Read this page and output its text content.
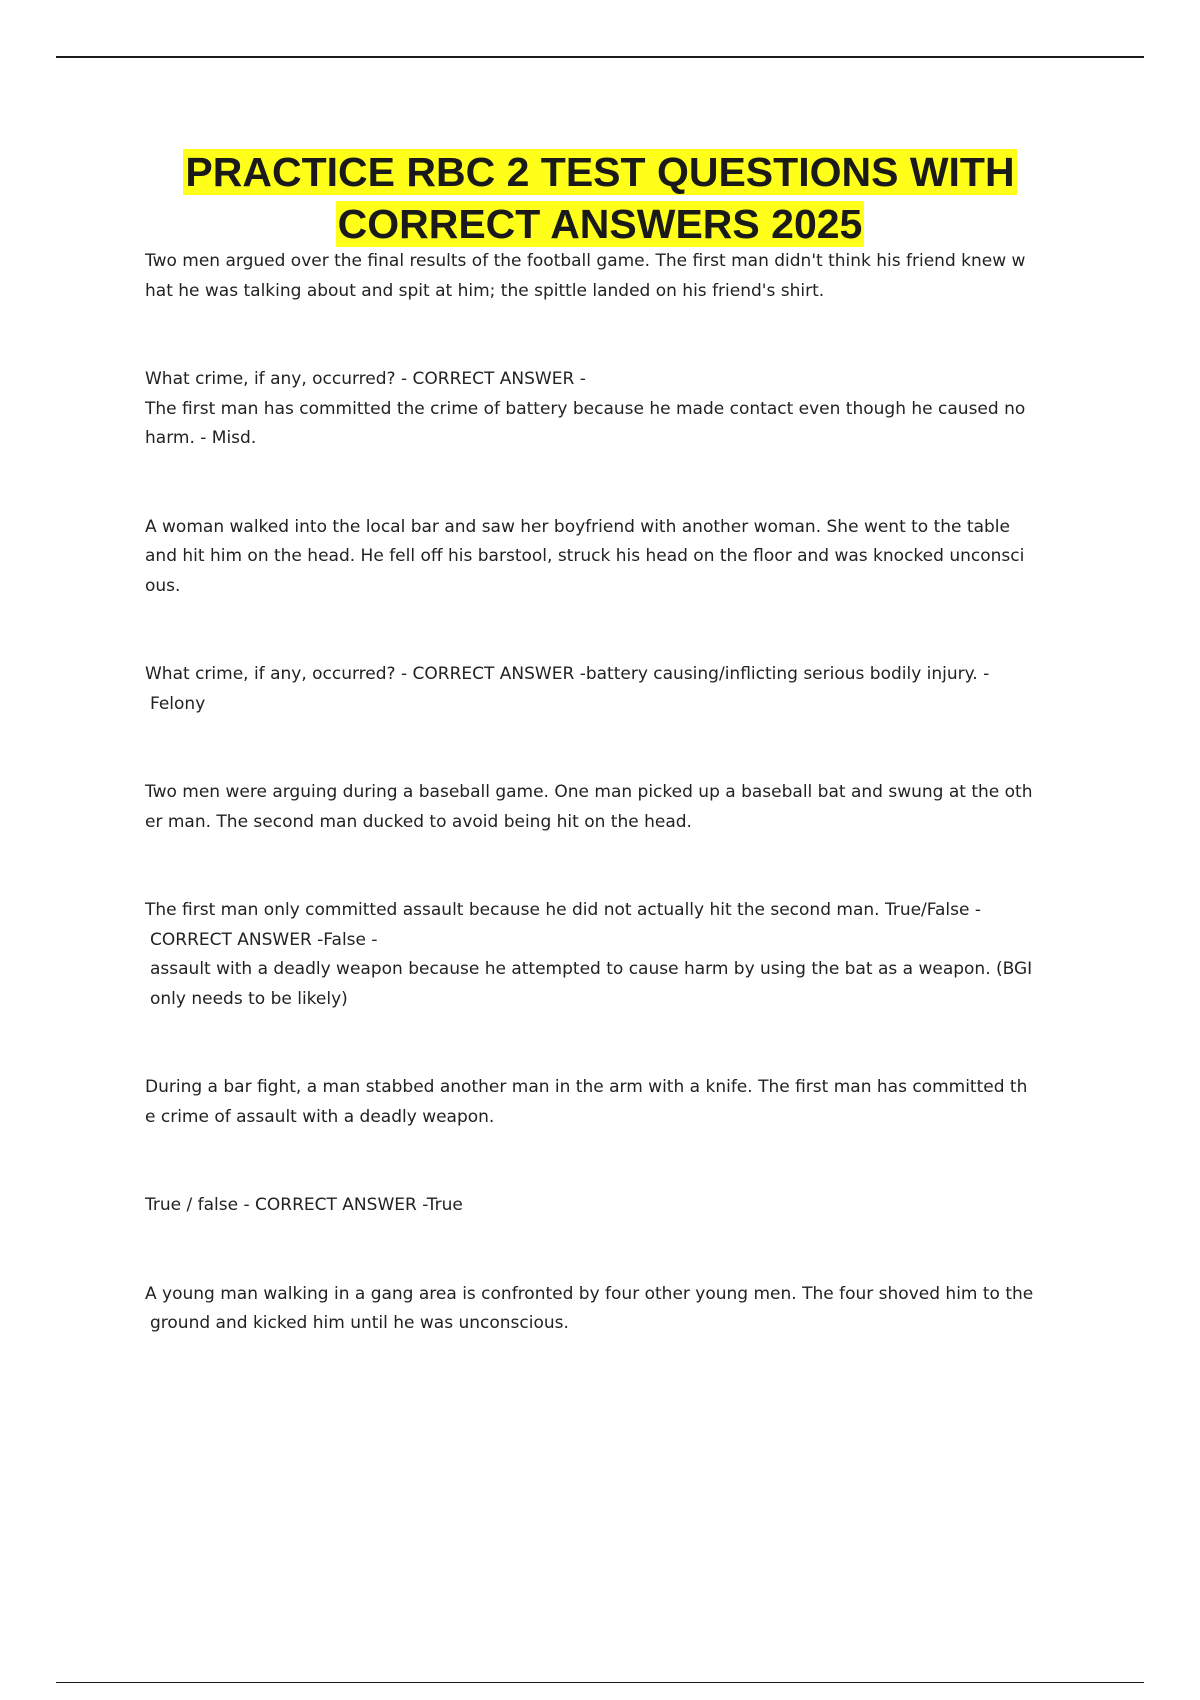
PRACTICE RBC 2 TEST QUESTIONS WITH
CORRECT ANSWERS 2025
Two men argued over the final results of the football game. The first man didn't think his friend knew w
hat he was talking about and spit at him; the spittle landed on his friend's shirt.
What crime, if any, occurred? - CORRECT ANSWER -
The first man has committed the crime of battery because he made contact even though he caused no
harm. - Misd.
A woman walked into the local bar and saw her boyfriend with another woman. She went to the table
and hit him on the head. He fell off his barstool, struck his head on the floor and was knocked unconsci
ous.
What crime, if any, occurred? - CORRECT ANSWER -battery causing/inflicting serious bodily injury. -
Felony
Two men were arguing during a baseball game. One man picked up a baseball bat and swung at the oth
er man. The second man ducked to avoid being hit on the head.
The first man only committed assault because he did not actually hit the second man. True/False -
CORRECT ANSWER -False -
assault with a deadly weapon because he attempted to cause harm by using the bat as a weapon. (BGI
only needs to be likely)
During a bar fight, a man stabbed another man in the arm with a knife. The first man has committed th
e crime of assault with a deadly weapon.
True / false - CORRECT ANSWER -True
A young man walking in a gang area is confronted by four other young men. The four shoved him to the
ground and kicked him until he was unconscious.
